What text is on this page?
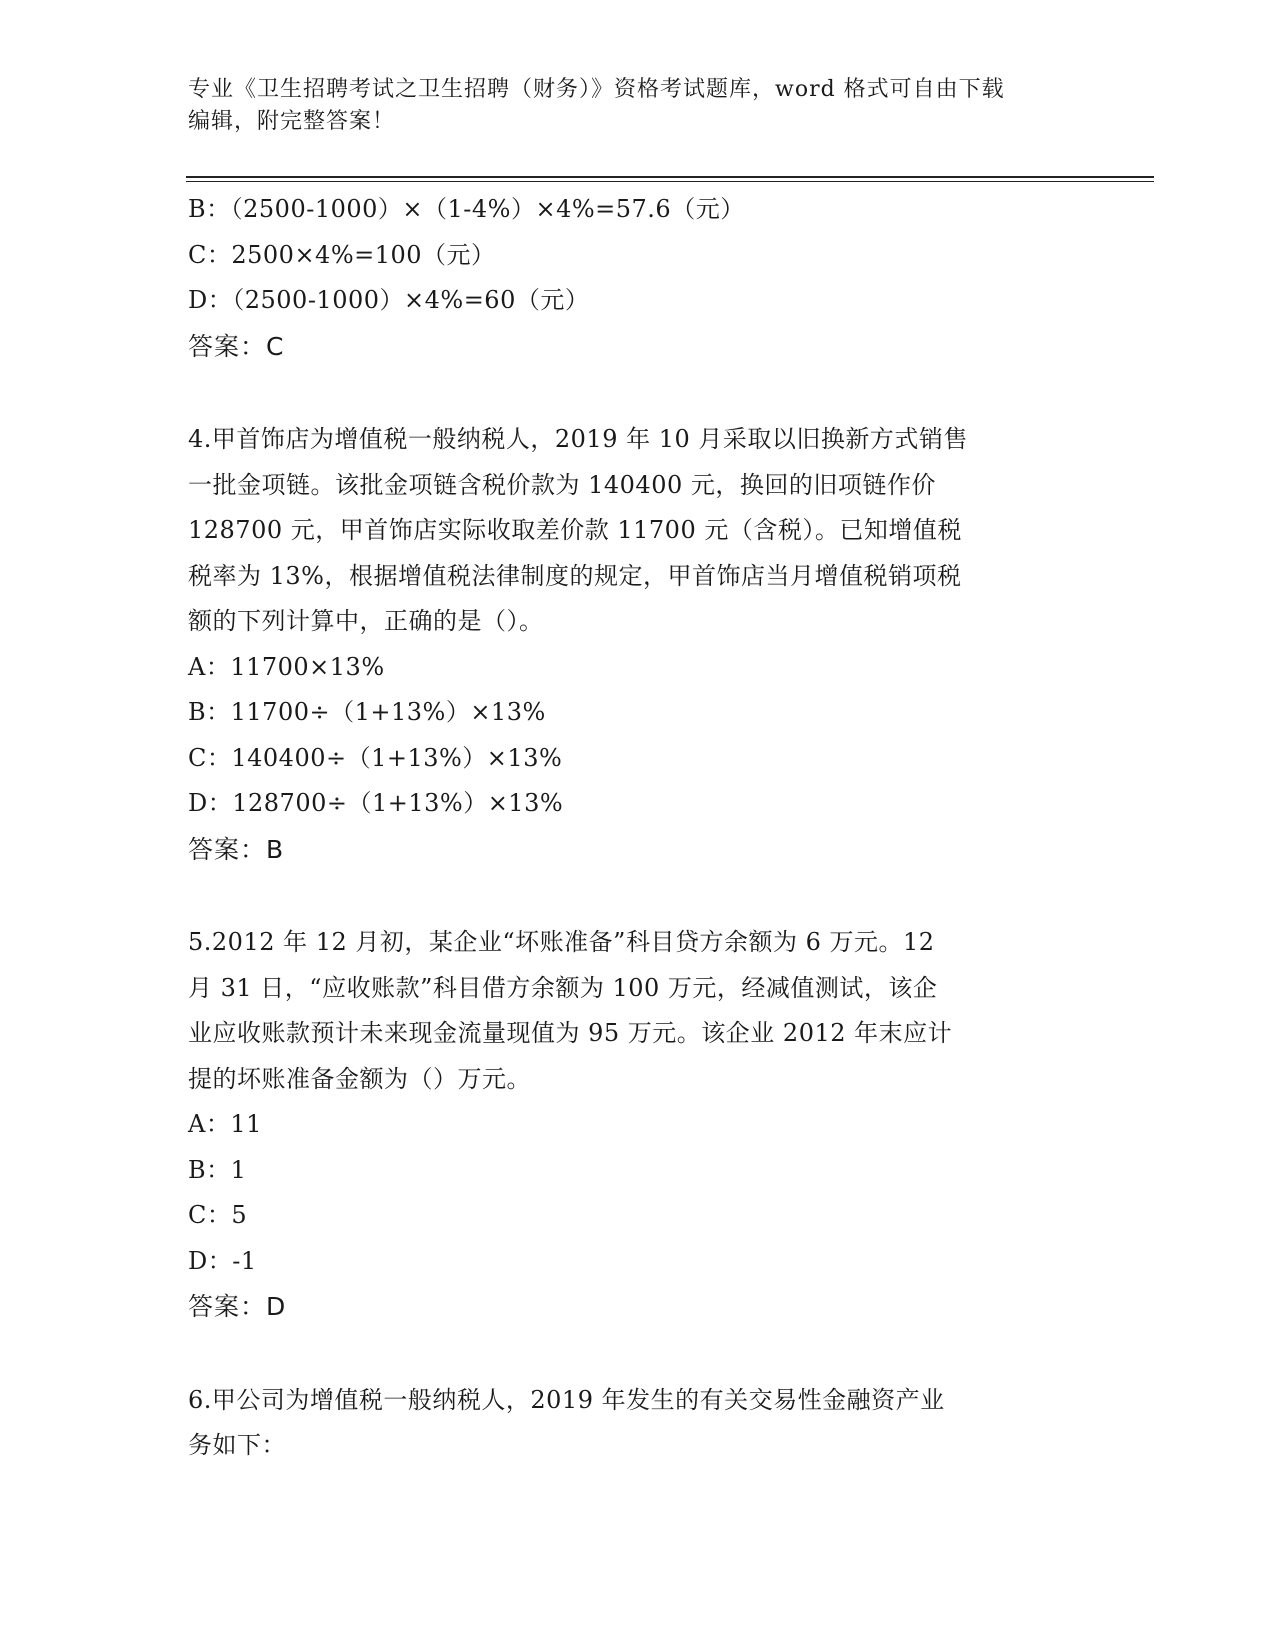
专业《卫生招聘考试之卫生招聘（财务）》资格考试题库，word 格式可自由下载
编辑，附完整答案！
B：（2500-1000）×（1-4%）×4%=57.6（元）
C：2500×4%=100（元）
D：（2500-1000）×4%=60（元）
答案：C
4.甲首饰店为增值税一般纳税人，2019 年 10 月采取以旧换新方式销售
一批金项链。该批金项链含税价款为 140400 元，换回的旧项链作价
128700 元，甲首饰店实际收取差价款 11700 元（含税）。已知增值税
税率为 13%，根据增值税法律制度的规定，甲首饰店当月增值税销项税
额的下列计算中，正确的是（）。
A：11700×13%
B：11700÷（1+13%）×13%
C：140400÷（1+13%）×13%
D：128700÷（1+13%）×13%
答案：B
5.2012 年 12 月初，某企业“坏账准备”科目贷方余额为 6 万元。12
月 31 日，“应收账款”科目借方余额为 100 万元，经减值测试，该企
业应收账款预计未来现金流量现值为 95 万元。该企业 2012 年末应计
提的坏账准备金额为（）万元。
A：11
B：1
C：5
D：-1
答案：D
6.甲公司为增值税一般纳税人，2019 年发生的有关交易性金融资产业
务如下：
